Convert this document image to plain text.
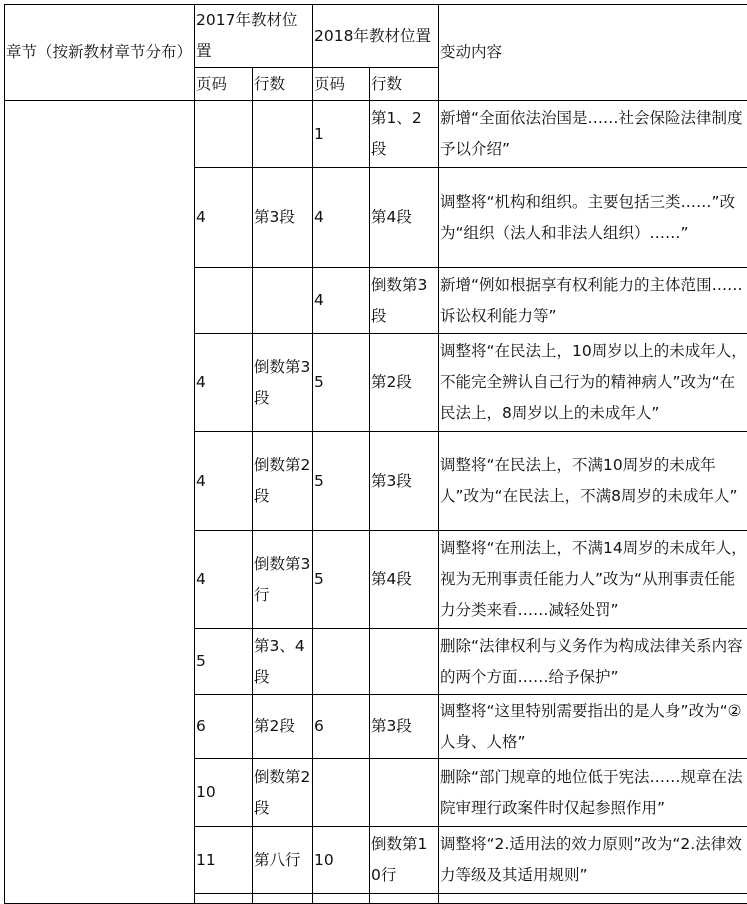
章节（按新教材章节分布）	2017年教材位置		2018年教材位置		变动内容
	页码	行数	页码	行数	
			1	第1、2段	新增“全面依法治国是……社会保险法律制度予以介绍”
	4	第3段	4	第4段	调整将“机构和组织。主要包括三类……”改为“组织（法人和非法人组织）……”
			4	倒数第3段	新增“例如根据享有权利能力的主体范围……诉讼权利能力等”
	4	倒数第3段	5	第2段	调整将“在民法上，10周岁以上的未成年人，不能完全辨认自己行为的精神病人”改为“在民法上，8周岁以上的未成年人”
	4	倒数第2段	5	第3段	调整将“在民法上，不满10周岁的未成年人”改为“在民法上，不满8周岁的未成年人”
	4	倒数第3行	5	第4段	调整将“在刑法上，不满14周岁的未成年人，视为无刑事责任能力人”改为“从刑事责任能力分类来看……减轻处罚”
	5	第3、4段			删除“法律权利与义务作为构成法律关系内容的两个方面……给予保护”
	6	第2段	6	第3段	调整将“这里特别需要指出的是人身”改为“②人身、人格”
	10	倒数第2段			删除“部门规章的地位低于宪法……规章在法院审理行政案件时仅起参照作用”
	11	第八行	10	倒数第10行	调整将“2.适用法的效力原则”改为“2.法律效力等级及其适用规则”
